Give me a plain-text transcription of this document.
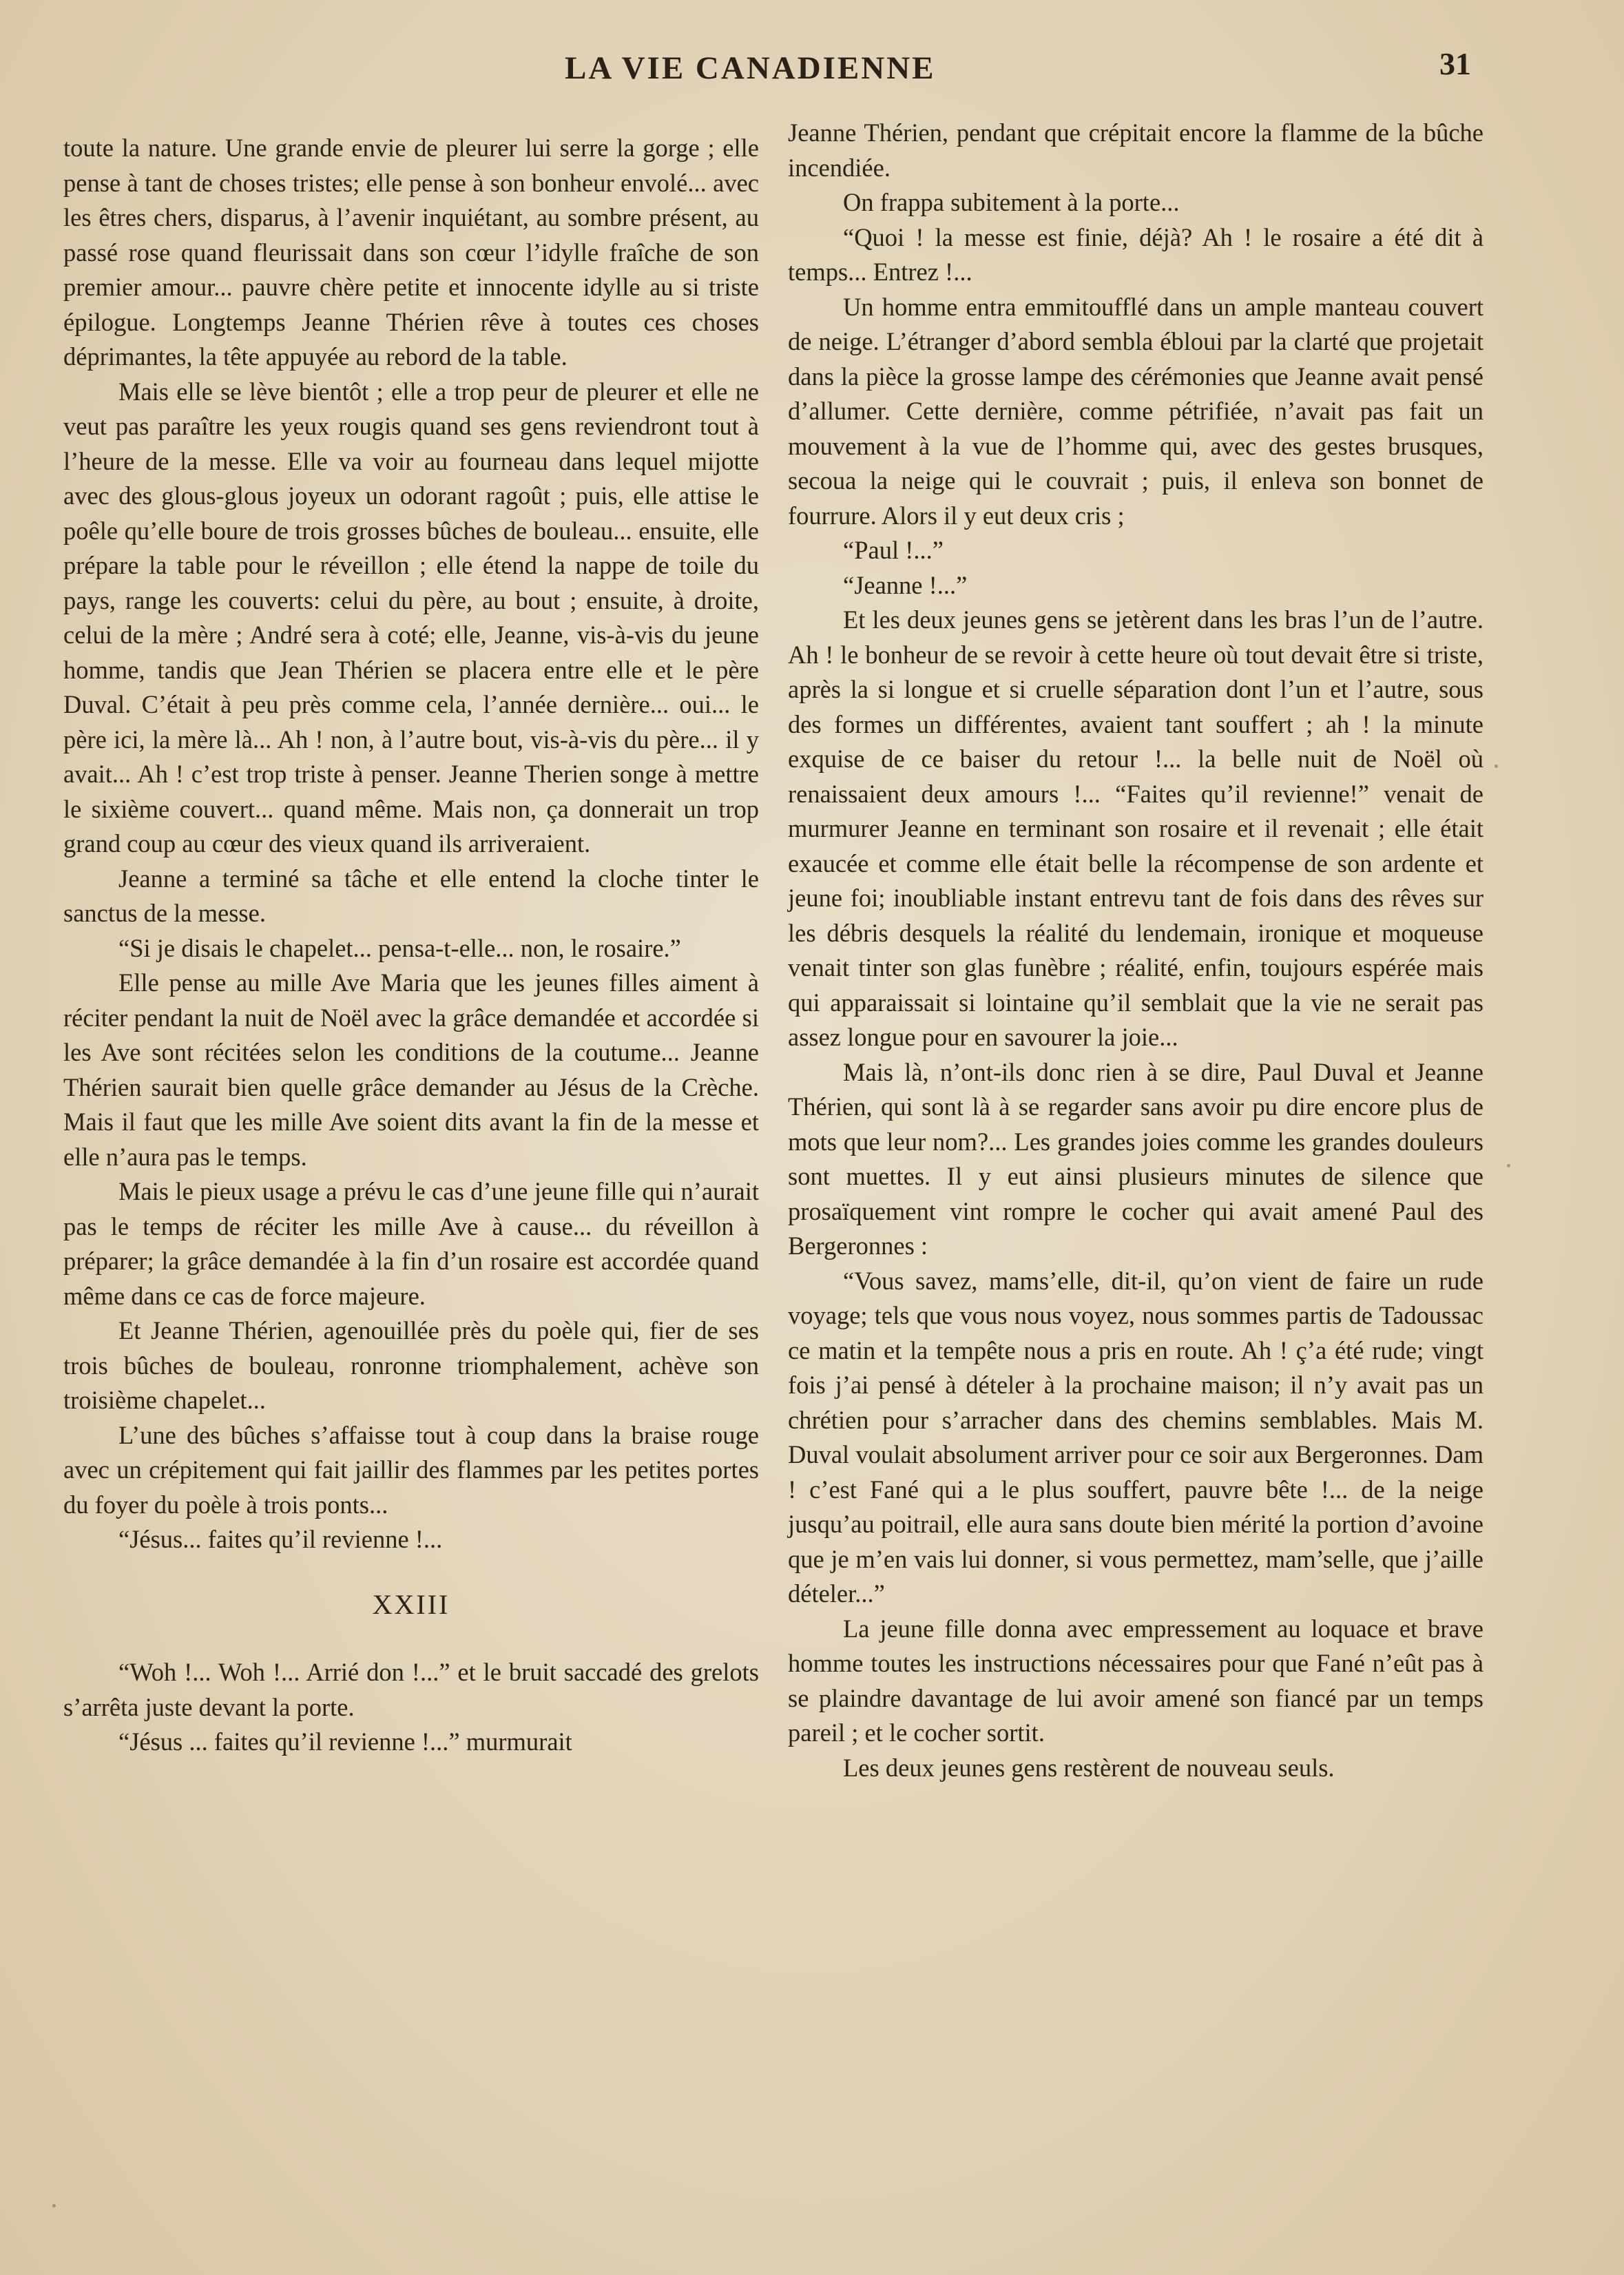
LA VIE CANADIENNE	31

toute la nature. Une grande envie de pleurer lui serre la gorge ; elle pense à tant de choses tristes; elle pense à son bonheur envolé... avec les êtres chers, disparus, à l’avenir inquiétant, au sombre présent, au passé rose quand fleurissait dans son cœur l’idylle fraîche de son premier amour... pauvre chère petite et innocente idylle au si triste épilogue. Longtemps Jeanne Thérien rêve à toutes ces choses déprimantes, la tête appuyée au rebord de la table.

Mais elle se lève bientôt ; elle a trop peur de pleurer et elle ne veut pas paraître les yeux rougis quand ses gens reviendront tout à l’heure de la messe. Elle va voir au fourneau dans lequel mijotte avec des glous-glous joyeux un odorant ragoût ; puis, elle attise le poêle qu’elle boure de trois grosses bûches de bouleau... ensuite, elle prépare la table pour le réveillon ; elle étend la nappe de toile du pays, range les couverts: celui du père, au bout ; ensuite, à droite, celui de la mère ; André sera à coté; elle, Jeanne, vis-à-vis du jeune homme, tandis que Jean Thérien se placera entre elle et le père Duval. C’était à peu près comme cela, l’année dernière... oui... le père ici, la mère là... Ah ! non, à l’autre bout, vis-à-vis du père... il y avait... Ah ! c’est trop triste à penser. Jeanne Therien songe à mettre le sixième couvert... quand même. Mais non, ça donnerait un trop grand coup au cœur des vieux quand ils arriveraient.

Jeanne a terminé sa tâche et elle entend la cloche tinter le sanctus de la messe.

“Si je disais le chapelet... pensa-t-elle... non, le rosaire.”

Elle pense au mille Ave Maria que les jeunes filles aiment à réciter pendant la nuit de Noël avec la grâce demandée et accordée si les Ave sont récitées selon les conditions de la coutume... Jeanne Thérien saurait bien quelle grâce demander au Jésus de la Crèche. Mais il faut que les mille Ave soient dits avant la fin de la messe et elle n’aura pas le temps.

Mais le pieux usage a prévu le cas d’une jeune fille qui n’aurait pas le temps de réciter les mille Ave à cause... du réveillon à préparer; la grâce demandée à la fin d’un rosaire est accordée quand même dans ce cas de force majeure.

Et Jeanne Thérien, agenouillée près du poèle qui, fier de ses trois bûches de bouleau, ronronne triomphalement, achève son troisième chapelet...

L’une des bûches s’affaisse tout à coup dans la braise rouge avec un crépitement qui fait jaillir des flammes par les petites portes du foyer du poèle à trois ponts...

“Jésus... faites qu’il revienne !...

XXIII

“Woh !... Woh !... Arrié don !...” et le bruit saccadé des grelots s’arrêta juste devant la porte.

“Jésus ... faites qu’il revienne !...” murmurait

Jeanne Thérien, pendant que crépitait encore la flamme de la bûche incendiée.

On frappa subitement à la porte...

“Quoi ! la messe est finie, déjà? Ah ! le rosaire a été dit à temps... Entrez !...

Un homme entra emmitoufflé dans un ample manteau couvert de neige. L’étranger d’abord sembla ébloui par la clarté que projetait dans la pièce la grosse lampe des cérémonies que Jeanne avait pensé d’allumer. Cette dernière, comme pétrifiée, n’avait pas fait un mouvement à la vue de l’homme qui, avec des gestes brusques, secoua la neige qui le couvrait ; puis, il enleva son bonnet de fourrure. Alors il y eut deux cris ;

“Paul !...”

“Jeanne !...”

Et les deux jeunes gens se jetèrent dans les bras l’un de l’autre. Ah ! le bonheur de se revoir à cette heure où tout devait être si triste, après la si longue et si cruelle séparation dont l’un et l’autre, sous des formes un différentes, avaient tant souffert ; ah ! la minute exquise de ce baiser du retour !... la belle nuit de Noël où renaissaient deux amours !... “Faites qu’il revienne!” venait de murmurer Jeanne en terminant son rosaire et il revenait ; elle était exaucée et comme elle était belle la récompense de son ardente et jeune foi; inoubliable instant entrevu tant de fois dans des rêves sur les débris desquels la réalité du lendemain, ironique et moqueuse venait tinter son glas funèbre ; réalité, enfin, toujours espérée mais qui apparaissait si lointaine qu’il semblait que la vie ne serait pas assez longue pour en savourer la joie...

Mais là, n’ont-ils donc rien à se dire, Paul Duval et Jeanne Thérien, qui sont là à se regarder sans avoir pu dire encore plus de mots que leur nom?... Les grandes joies comme les grandes douleurs sont muettes. Il y eut ainsi plusieurs minutes de silence que prosaïquement vint rompre le cocher qui avait amené Paul des Bergeronnes :

“Vous savez, mams’elle, dit-il, qu’on vient de faire un rude voyage; tels que vous nous voyez, nous sommes partis de Tadoussac ce matin et la tempête nous a pris en route. Ah ! ç’a été rude; vingt fois j’ai pensé à dételer à la prochaine maison; il n’y avait pas un chrétien pour s’arracher dans des chemins semblables. Mais M. Duval voulait absolument arriver pour ce soir aux Bergeronnes. Dam ! c’est Fané qui a le plus souffert, pauvre bête !... de la neige jusqu’au poitrail, elle aura sans doute bien mérité la portion d’avoine que je m’en vais lui donner, si vous permettez, mam’selle, que j’aille dételer...”

La jeune fille donna avec empressement au loquace et brave homme toutes les instructions nécessaires pour que Fané n’eût pas à se plaindre davantage de lui avoir amené son fiancé par un temps pareil ; et le cocher sortit.

Les deux jeunes gens restèrent de nouveau seuls.
